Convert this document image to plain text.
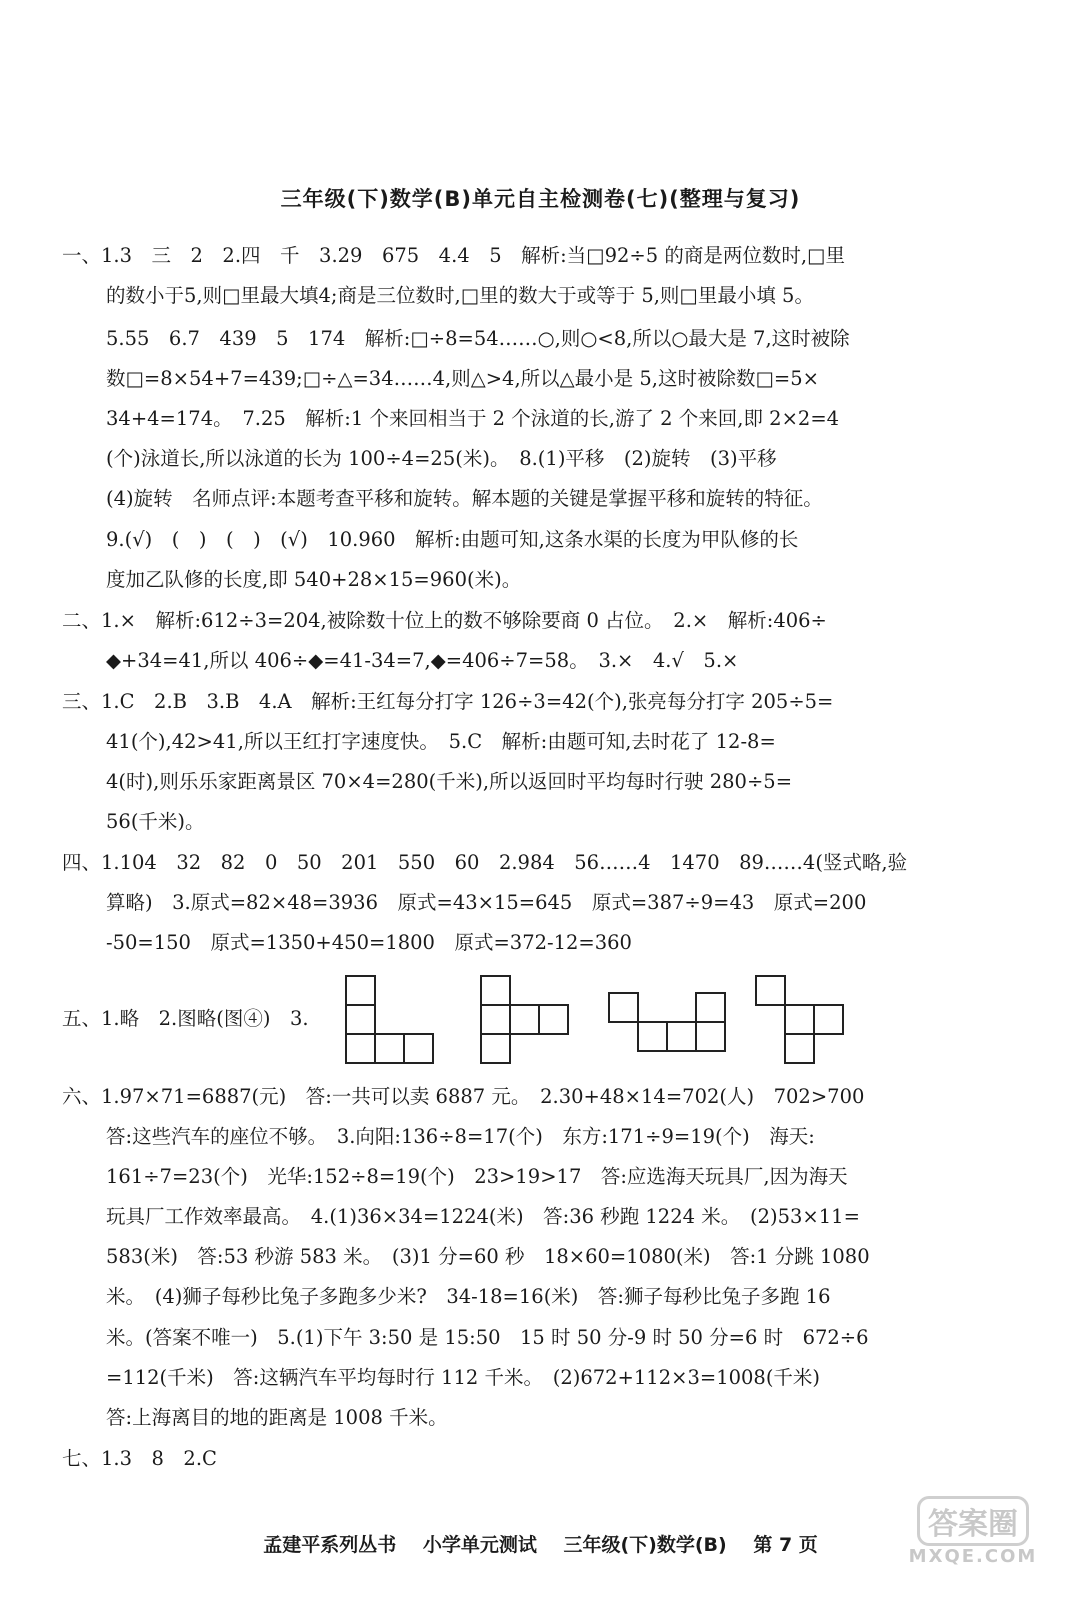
三年级(下)数学(B)单元自主检测卷(七)(整理与复习)
一、1.3　三　2　2.四　千　3.29　675　4.4　5　解析:当□92÷5 的商是两位数时,□里
的数小于5,则□里最大填4;商是三位数时,□里的数大于或等于 5,则□里最小填 5。
5.55　6.7　439　5　174　解析:□÷8=54……○,则○<8,所以○最大是 7,这时被除
数□=8×54+7=439;□÷△=34……4,则△>4,所以△最小是 5,这时被除数□=5×
34+4=174。　7.25　解析:1 个来回相当于 2 个泳道的长,游了 2 个来回,即 2×2=4
(个)泳道长,所以泳道的长为 100÷4=25(米)。　8.(1)平移　(2)旋转　(3)平移
(4)旋转　名师点评:本题考查平移和旋转。解本题的关键是掌握平移和旋转的特征。
9.(√)　(　)　(　)　(√)　10.960　解析:由题可知,这条水渠的长度为甲队修的长
度加乙队修的长度,即 540+28×15=960(米)。
二、1.×　解析:612÷3=204,被除数十位上的数不够除要商 0 占位。　2.×　解析:406÷
◆+34=41,所以 406÷◆=41-34=7,◆=406÷7=58。　3.×　4.√　5.×
三、1.C　2.B　3.B　4.A　解析:王红每分打字 126÷3=42(个),张亮每分打字 205÷5=
41(个),42>41,所以王红打字速度快。　5.C　解析:由题可知,去时花了 12-8=
4(时),则乐乐家距离景区 70×4=280(千米),所以返回时平均每时行驶 280÷5=
56(千米)。
四、1.104　32　82　0　50　201　550　60　2.984　56……4　1470　89……4(竖式略,验
算略)　3.原式=82×48=3936　原式=43×15=645　原式=387÷9=43　原式=200
-50=150　原式=1350+450=1800　原式=372-12=360
五、1.略　2.图略(图④)　3.
六、1.97×71=6887(元)　答:一共可以卖 6887 元。　2.30+48×14=702(人)　702>700
答:这些汽车的座位不够。　3.向阳:136÷8=17(个)　东方:171÷9=19(个)　海天:
161÷7=23(个)　光华:152÷8=19(个)　23>19>17　答:应选海天玩具厂,因为海天
玩具厂工作效率最高。　4.(1)36×34=1224(米)　答:36 秒跑 1224 米。　(2)53×11=
583(米)　答:53 秒游 583 米。　(3)1 分=60 秒　18×60=1080(米)　答:1 分跳 1080
米。　(4)狮子每秒比兔子多跑多少米?　34-18=16(米)　答:狮子每秒比兔子多跑 16
米。(答案不唯一)　5.(1)下午 3:50 是 15:50　15 时 50 分-9 时 50 分=6 时　672÷6
=112(千米)　答:这辆汽车平均每时行 112 千米。　(2)672+112×3=1008(千米)
答:上海离目的地的距离是 1008 千米。
七、1.3　8　2.C
孟建平系列丛书 小学单元测试 三年级(下)数学(B) 第 7 页
答案圈
MXQE.COM
